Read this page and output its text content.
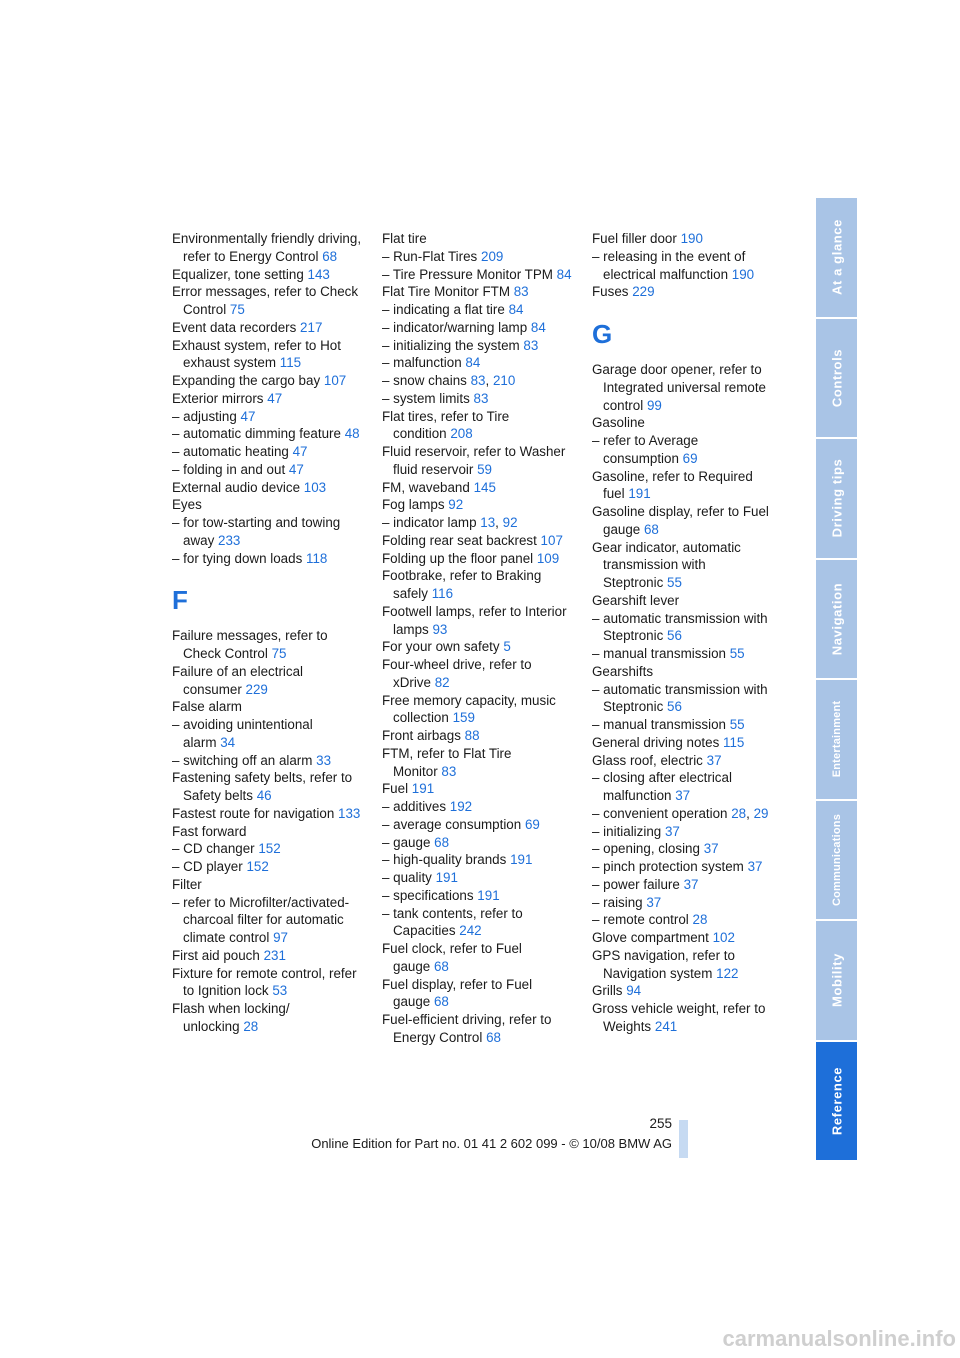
Environmentally friendly driving, refer to Energy Control 68
Equalizer, tone setting 143
Error messages, refer to Check Control 75
Event data recorders 217
Exhaust system, refer to Hot exhaust system 115
Expanding the cargo bay 107
Exterior mirrors 47
– adjusting 47
– automatic dimming feature 48
– automatic heating 47
– folding in and out 47
External audio device 103
Eyes
– for tow-starting and towing away 233
– for tying down loads 118
F
Failure messages, refer to Check Control 75
Failure of an electrical consumer 229
False alarm
– avoiding unintentional alarm 34
– switching off an alarm 33
Fastening safety belts, refer to Safety belts 46
Fastest route for navigation 133
Fast forward
– CD changer 152
– CD player 152
Filter
– refer to Microfilter/activated-charcoal filter for automatic climate control 97
First aid pouch 231
Fixture for remote control, refer to Ignition lock 53
Flash when locking/ unlocking 28
Flat tire
– Run-Flat Tires 209
– Tire Pressure Monitor TPM 84
Flat Tire Monitor FTM 83
– indicating a flat tire 84
– indicator/warning lamp 84
– initializing the system 83
– malfunction 84
– snow chains 83, 210
– system limits 83
Flat tires, refer to Tire condition 208
Fluid reservoir, refer to Washer fluid reservoir 59
FM, waveband 145
Fog lamps 92
– indicator lamp 13, 92
Folding rear seat backrest 107
Folding up the floor panel 109
Footbrake, refer to Braking safely 116
Footwell lamps, refer to Interior lamps 93
For your own safety 5
Four-wheel drive, refer to xDrive 82
Free memory capacity, music collection 159
Front airbags 88
FTM, refer to Flat Tire Monitor 83
Fuel 191
– additives 192
– average consumption 69
– gauge 68
– high-quality brands 191
– quality 191
– specifications 191
– tank contents, refer to Capacities 242
Fuel clock, refer to Fuel gauge 68
Fuel display, refer to Fuel gauge 68
Fuel-efficient driving, refer to Energy Control 68
Fuel filler door 190
– releasing in the event of electrical malfunction 190
Fuses 229
G
Garage door opener, refer to Integrated universal remote control 99
Gasoline
– refer to Average consumption 69
Gasoline, refer to Required fuel 191
Gasoline display, refer to Fuel gauge 68
Gear indicator, automatic transmission with Steptronic 55
Gearshift lever
– automatic transmission with Steptronic 56
– manual transmission 55
Gearshifts
– automatic transmission with Steptronic 56
– manual transmission 55
General driving notes 115
Glass roof, electric 37
– closing after electrical malfunction 37
– convenient operation 28, 29
– initializing 37
– opening, closing 37
– pinch protection system 37
– power failure 37
– raising 37
– remote control 28
Glove compartment 102
GPS navigation, refer to Navigation system 122
Grills 94
Gross vehicle weight, refer to Weights 241
At a glance
Controls
Driving tips
Navigation
Entertainment
Communications
Mobility
Reference
255
Online Edition for Part no. 01 41 2 602 099 - © 10/08 BMW AG
carmanualsonline.info
